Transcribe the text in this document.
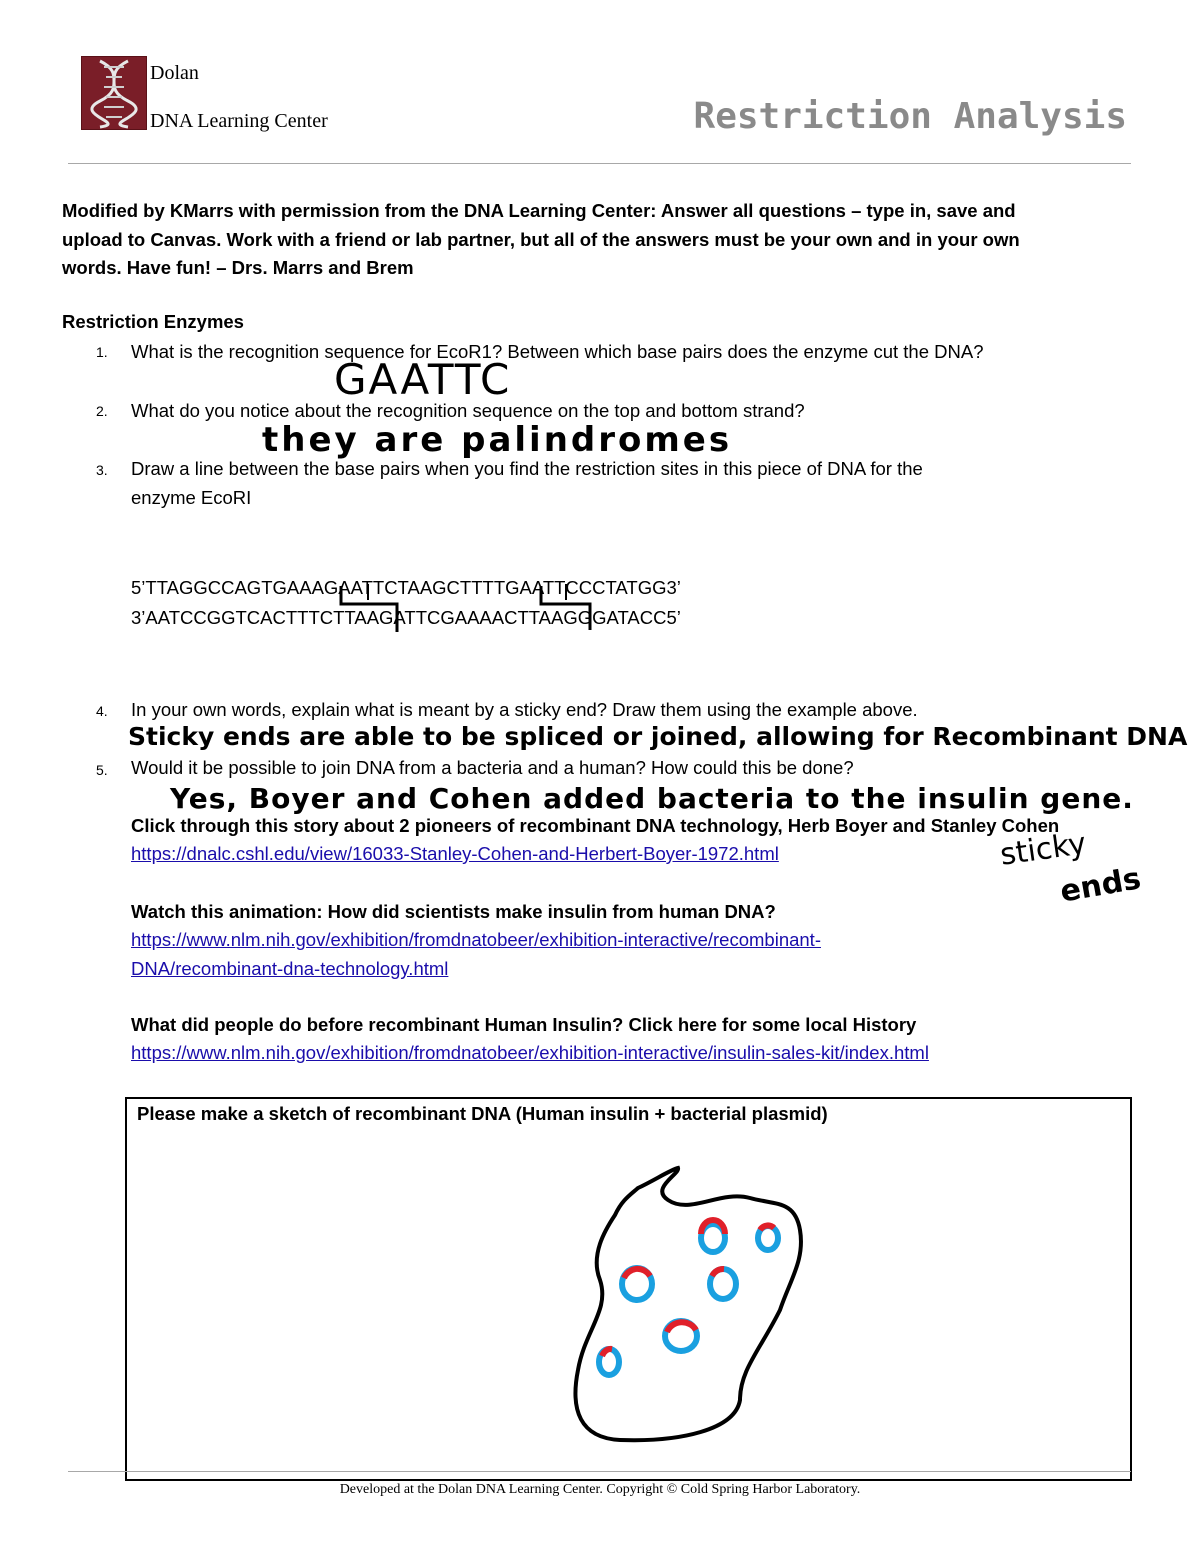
Dolan
DNA Learning Center	Restriction Analysis
Modified by KMarrs with permission from the DNA Learning Center: Answer all questions – type in, save and upload to Canvas. Work with a friend or lab partner, but all of the answers must be your own and in your own words. Have fun! – Drs. Marrs and Brem
Restriction Enzymes
1. What is the recognition sequence for EcoR1? Between which base pairs does the enzyme cut the DNA?
GAATTC
2. What do you notice about the recognition sequence on the top and bottom strand?
they are palindromes
3. Draw a line between the base pairs when you find the restriction sites in this piece of DNA for the
enzyme EcoRI
5’TTAGGCCAGTGAAAGAATTCTAAGCTTTTGAATTCCCTATGG3’
3’AATCCGGTCACTTTCTTAAGATTCGAAAACTTAAGGGATACC5’
4. In your own words, explain what is meant by a sticky end? Draw them using the example above.
Sticky ends are able to be spliced or joined, allowing for Recombinant DNA
5. Would it be possible to join DNA from a bacteria and a human? How could this be done?
Yes, Boyer and Cohen added bacteria to the insulin gene.
Click through this story about 2 pioneers of recombinant DNA technology, Herb Boyer and Stanley Cohen
https://dnalc.cshl.edu/view/16033-Stanley-Cohen-and-Herbert-Boyer-1972.html	sticky
ends
Watch this animation: How did scientists make insulin from human DNA?
https://www.nlm.nih.gov/exhibition/fromdnatobeer/exhibition-interactive/recombinant-
DNA/recombinant-dna-technology.html
What did people do before recombinant Human Insulin? Click here for some local History
https://www.nlm.nih.gov/exhibition/fromdnatobeer/exhibition-interactive/insulin-sales-kit/index.html
Please make a sketch of recombinant DNA (Human insulin + bacterial plasmid)
Developed at the Dolan DNA Learning Center. Copyright © Cold Spring Harbor Laboratory.
